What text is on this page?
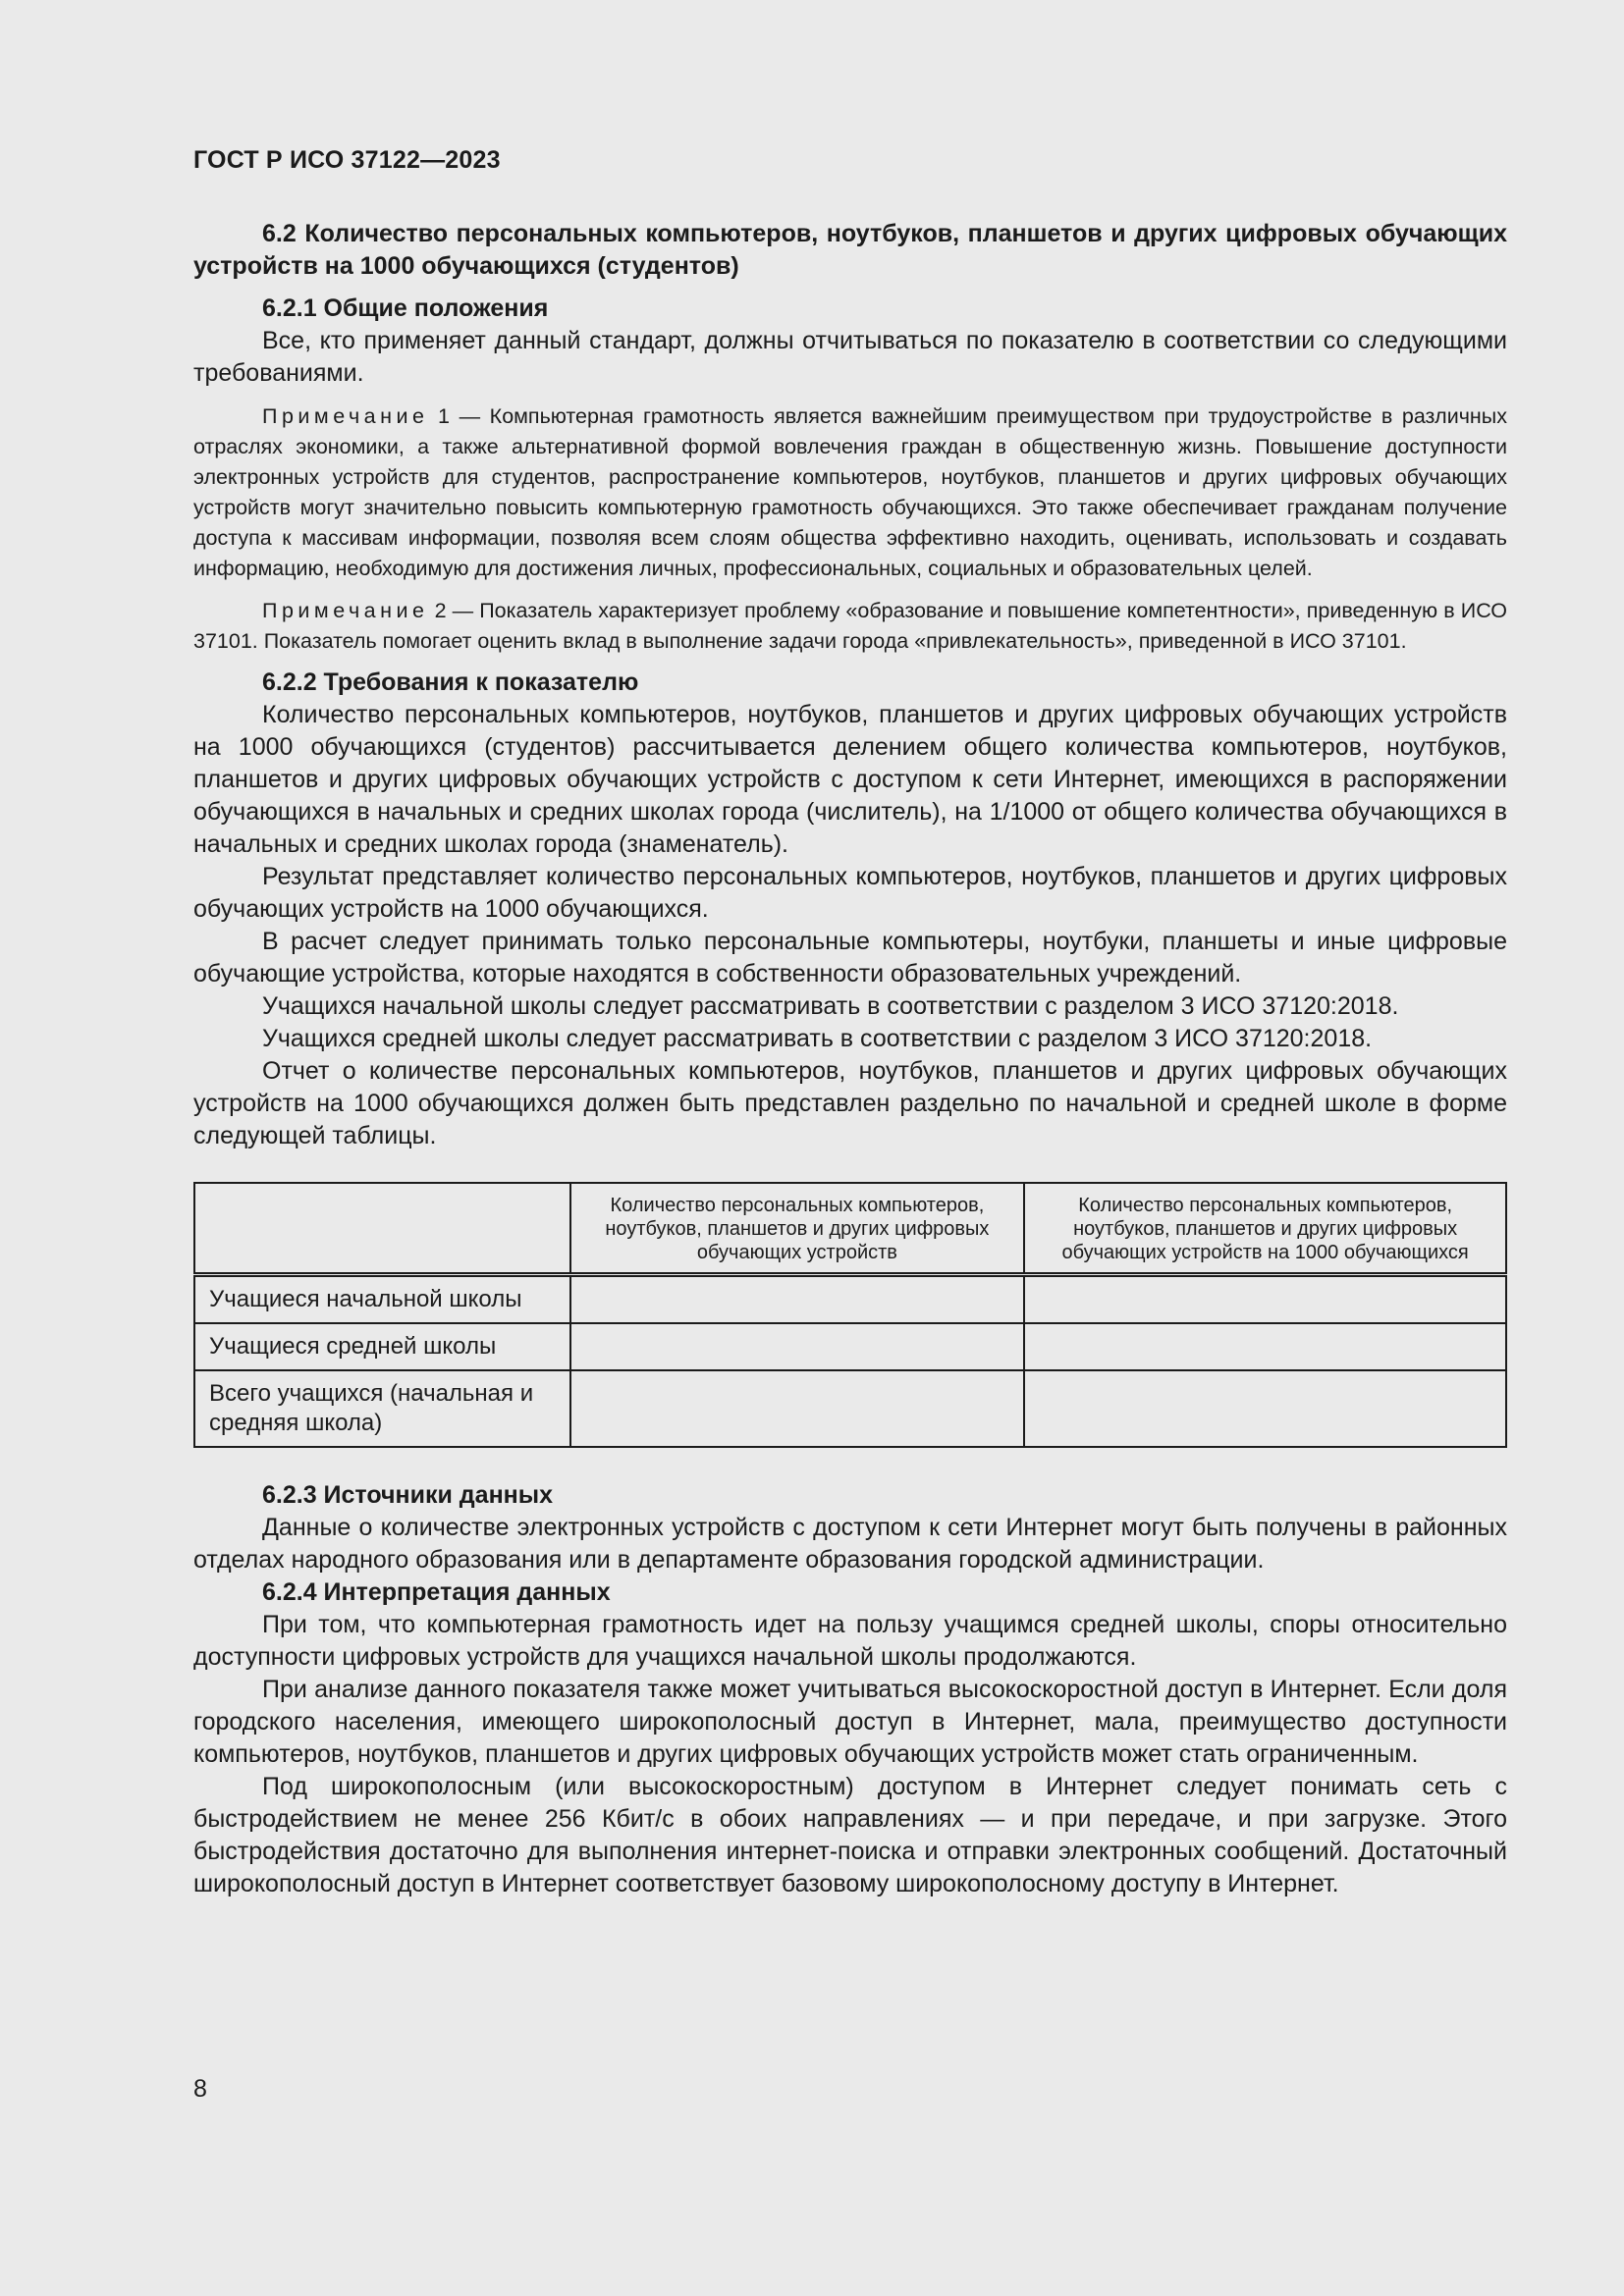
ГОСТ Р ИСО 37122—2023
6.2 Количество персональных компьютеров, ноутбуков, планшетов и других цифровых обучающих устройств на 1000 обучающихся (студентов)
6.2.1 Общие положения

Все, кто применяет данный стандарт, должны отчитываться по показателю в соответствии со следующими требованиями.

Примечание 1 — Компьютерная грамотность является важнейшим преимуществом при трудоустройстве в различных отраслях экономики, а также альтернативной формой вовлечения граждан в общественную жизнь. Повышение доступности электронных устройств для студентов, распространение компьютеров, ноутбуков, планшетов и других цифровых обучающих устройств могут значительно повысить компьютерную грамотность обучающихся. Это также обеспечивает гражданам получение доступа к массивам информации, позволяя всем слоям общества эффективно находить, оценивать, использовать и создавать информацию, необходимую для достижения личных, профессиональных, социальных и образовательных целей.

Примечание 2 — Показатель характеризует проблему «образование и повышение компетентности», приведенную в ИСО 37101. Показатель помогает оценить вклад в выполнение задачи города «привлекательность», приведенной в ИСО 37101.

6.2.2 Требования к показателю

Количество персональных компьютеров, ноутбуков, планшетов и других цифровых обучающих устройств на 1000 обучающихся (студентов) рассчитывается делением общего количества компьютеров, ноутбуков, планшетов и других цифровых обучающих устройств с доступом к сети Интернет, имеющихся в распоряжении обучающихся в начальных и средних школах города (числитель), на 1/1000 от общего количества обучающихся в начальных и средних школах города (знаменатель).

Результат представляет количество персональных компьютеров, ноутбуков, планшетов и других цифровых обучающих устройств на 1000 обучающихся.

В расчет следует принимать только персональные компьютеры, ноутбуки, планшеты и иные цифровые обучающие устройства, которые находятся в собственности образовательных учреждений.

Учащихся начальной школы следует рассматривать в соответствии с разделом 3 ИСО 37120:2018.

Учащихся средней школы следует рассматривать в соответствии с разделом 3 ИСО 37120:2018.

Отчет о количестве персональных компьютеров, ноутбуков, планшетов и других цифровых обучающих устройств на 1000 обучающихся должен быть представлен раздельно по начальной и средней школе в форме следующей таблицы.

	Количество персональных компьютеров, ноутбуков, планшетов и других цифровых обучающих устройств	Количество персональных компьютеров, ноутбуков, планшетов и других цифровых обучающих устройств на 1000 обучающихся
Учащиеся начальной школы		
Учащиеся средней школы		
Всего учащихся (начальная и средняя школа)		
6.2.3 Источники данных

Данные о количестве электронных устройств с доступом к сети Интернет могут быть получены в районных отделах народного образования или в департаменте образования городской администрации.

6.2.4 Интерпретация данных

При том, что компьютерная грамотность идет на пользу учащимся средней школы, споры относительно доступности цифровых устройств для учащихся начальной школы продолжаются.

При анализе данного показателя также может учитываться высокоскоростной доступ в Интернет. Если доля городского населения, имеющего широкополосный доступ в Интернет, мала, преимущество доступности компьютеров, ноутбуков, планшетов и других цифровых обучающих устройств может стать ограниченным.

Под широкополосным (или высокоскоростным) доступом в Интернет следует понимать сеть с быстродействием не менее 256 Кбит/с в обоих направлениях — и при передаче, и при загрузке. Этого быстродействия достаточно для выполнения интернет-поиска и отправки электронных сообщений. Достаточный широкополосный доступ в Интернет соответствует базовому широкополосному доступу в Интернет.

8
